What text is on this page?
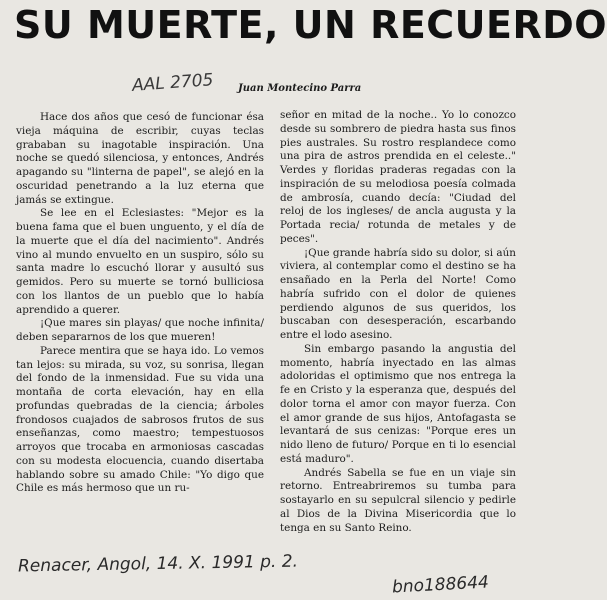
SU MUERTE, UN RECUERDO
AAL 2705 Juan Montecino Parra

Hace dos años que cesó de funcionar ésa vieja máquina de escribir, cuyas teclas grababan su inagotable inspiración. Una noche se quedó silenciosa, y entonces, Andrés apagando su "linterna de papel", se alejó en la oscuridad penetrando a la luz eterna que jamás se extingue.

Se lee en el Eclesiastes: "Mejor es la buena fama que el buen unguento, y el día de la muerte que el día del nacimiento". Andrés vino al mundo envuelto en un suspiro, sólo su santa madre lo escuchó llorar y ausultó sus gemidos. Pero su muerte se tornó bulliciosa con los llantos de un pueblo que lo había aprendido a querer.

¡Que mares sin playas/ que noche infinita/ deben separarnos de los que mueren!

Parece mentira que se haya ido. Lo vemos tan lejos: su mirada, su voz, su sonrisa, llegan del fondo de la inmensidad. Fue su vida una montaña de corta elevación, hay en ella profundas quebradas de la ciencia; árboles frondosos cuajados de sabrosos frutos de sus enseñanzas, como maestro; tempestuosos arroyos que trocaba en armoniosas cascadas con su modesta elocuencia, cuando disertaba hablando sobre su amado Chile: "Yo digo que Chile es más hermoso que un ru-

señor en mitad de la noche.. Yo lo conozco desde su sombrero de piedra hasta sus finos pies australes. Su rostro resplandece como una pira de astros prendida en el celeste.." Verdes y floridas praderas regadas con la inspiración de su melodiosa poesía colmada de ambrosía, cuando decía: "Ciudad del reloj de los ingleses/ de ancla augusta y la Portada recia/ rotunda de metales y de peces".

¡Que grande habría sido su dolor, si aún viviera, al contemplar como el destino se ha ensañado en la Perla del Norte! Como habría sufrido con el dolor de quienes perdiendo algunos de sus queridos, los buscaban con desesperación, escarbando entre el lodo asesino.

Sin embargo pasando la angustia del momento, habría inyectado en las almas adoloridas el optimismo que nos entrega la fe en Cristo y la esperanza que, después del dolor torna el amor con mayor fuerza. Con el amor grande de sus hijos, Antofagasta se levantará de sus cenizas: "Porque eres un nido lleno de futuro/ Porque en ti lo esencial está maduro".

Andrés Sabella se fue en un viaje sin retorno. Entreabriremos su tumba para sostayarlo en su sepulcral silencio y pedirle al Dios de la Divina Misericordia que lo tenga en su Santo Reino.

Renacer, Angol, 14. X. 1991 p. 2.
bno188644
